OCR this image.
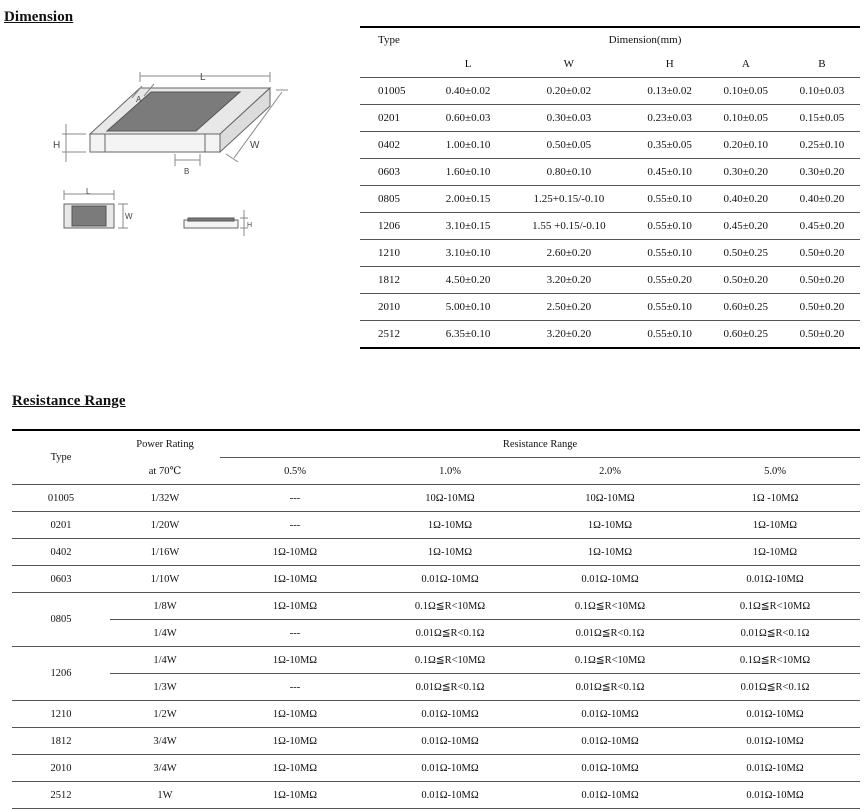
Dimension
L
W
H
A
B
L
W
H
Type	Dimension(mm)				
	L	W	H	A	B
01005	0.40±0.02	0.20±0.02	0.13±0.02	0.10±0.05	0.10±0.03
0201	0.60±0.03	0.30±0.03	0.23±0.03	0.10±0.05	0.15±0.05
0402	1.00±0.10	0.50±0.05	0.35±0.05	0.20±0.10	0.25±0.10
0603	1.60±0.10	0.80±0.10	0.45±0.10	0.30±0.20	0.30±0.20
0805	2.00±0.15	1.25+0.15/-0.10	0.55±0.10	0.40±0.20	0.40±0.20
1206	3.10±0.15	1.55 +0.15/-0.10	0.55±0.10	0.45±0.20	0.45±0.20
1210	3.10±0.10	2.60±0.20	0.55±0.10	0.50±0.25	0.50±0.20
1812	4.50±0.20	3.20±0.20	0.55±0.20	0.50±0.20	0.50±0.20
2010	5.00±0.10	2.50±0.20	0.55±0.10	0.60±0.25	0.50±0.20
2512	6.35±0.10	3.20±0.20	0.55±0.10	0.60±0.25	0.50±0.20
Resistance Range
Type	Power Rating	Resistance Range			
	at 70℃	0.5%	1.0%	2.0%	5.0%
01005	1/32W	---	10Ω-10MΩ	10Ω-10MΩ	1Ω -10MΩ
0201	1/20W	---	1Ω-10MΩ	1Ω-10MΩ	1Ω-10MΩ
0402	1/16W	1Ω-10MΩ	1Ω-10MΩ	1Ω-10MΩ	1Ω-10MΩ
0603	1/10W	1Ω-10MΩ	0.01Ω-10MΩ	0.01Ω-10MΩ	0.01Ω-10MΩ
0805	1/8W	1Ω-10MΩ	0.1Ω≦R<10MΩ	0.1Ω≦R<10MΩ	0.1Ω≦R<10MΩ
	1/4W	---	0.01Ω≦R<0.1Ω	0.01Ω≦R<0.1Ω	0.01Ω≦R<0.1Ω
1206	1/4W	1Ω-10MΩ	0.1Ω≦R<10MΩ	0.1Ω≦R<10MΩ	0.1Ω≦R<10MΩ
	1/3W	---	0.01Ω≦R<0.1Ω	0.01Ω≦R<0.1Ω	0.01Ω≦R<0.1Ω
1210	1/2W	1Ω-10MΩ	0.01Ω-10MΩ	0.01Ω-10MΩ	0.01Ω-10MΩ
1812	3/4W	1Ω-10MΩ	0.01Ω-10MΩ	0.01Ω-10MΩ	0.01Ω-10MΩ
2010	3/4W	1Ω-10MΩ	0.01Ω-10MΩ	0.01Ω-10MΩ	0.01Ω-10MΩ
2512	1W	1Ω-10MΩ	0.01Ω-10MΩ	0.01Ω-10MΩ	0.01Ω-10MΩ
